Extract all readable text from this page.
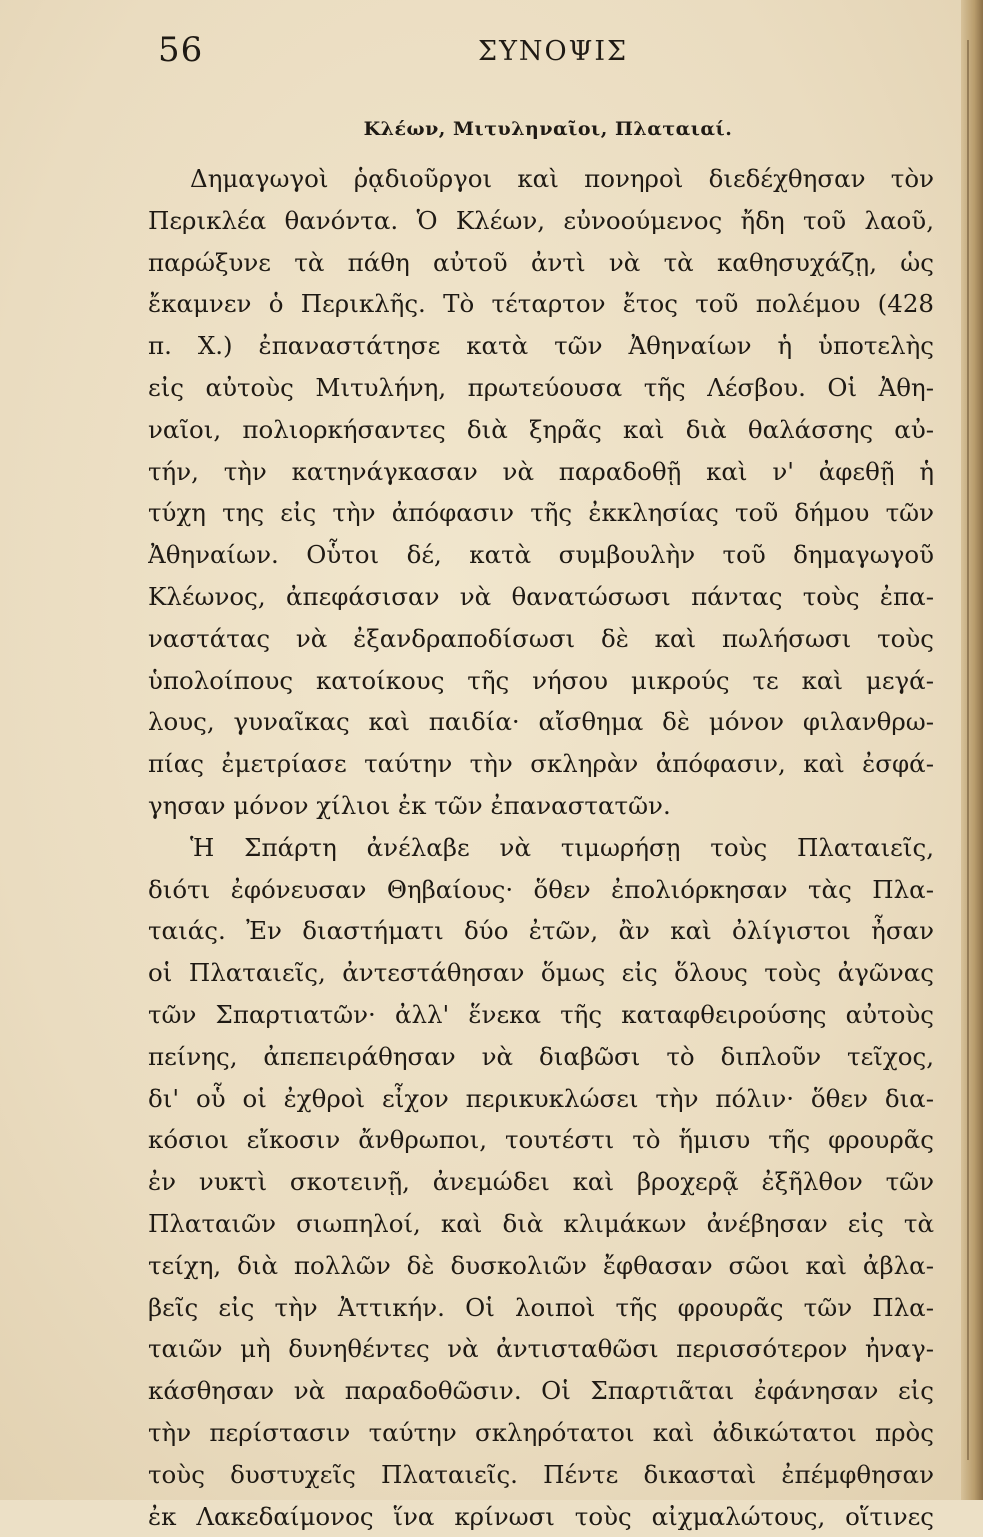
56	ΣΥΝΟΨΙΣ
Κλέων, Μιτυληναῖοι, Πλαταιαί.
Δημαγωγοὶ ῥᾳδιοῦργοι καὶ πονηροὶ διεδέχθησαν τὸν
Περικλέα θανόντα. Ὁ Κλέων, εὐνοούμενος ἤδη τοῦ λαοῦ,
παρώξυνε τὰ πάθη αὐτοῦ ἀντὶ νὰ τὰ καθησυχάζῃ, ὡς
ἔκαμνεν ὁ Περικλῆς. Τὸ τέταρτον ἔτος τοῦ πολέμου (428
π. Χ.) ἐπαναστάτησε κατὰ τῶν Ἀθηναίων ἡ ὑποτελὴς
εἰς αὐτοὺς Μιτυλήνη, πρωτεύουσα τῆς Λέσβου. Οἱ Ἀθη-
ναῖοι, πολιορκήσαντες διὰ ξηρᾶς καὶ διὰ θαλάσσης αὐ-
τήν, τὴν κατηνάγκασαν νὰ παραδοθῇ καὶ ν' ἀφεθῇ ἡ
τύχη της εἰς τὴν ἀπόφασιν τῆς ἐκκλησίας τοῦ δήμου τῶν
Ἀθηναίων. Οὗτοι δέ, κατὰ συμβουλὴν τοῦ δημαγωγοῦ
Κλέωνος, ἀπεφάσισαν νὰ θανατώσωσι πάντας τοὺς ἐπα-
ναστάτας νὰ ἐξανδραποδίσωσι δὲ καὶ πωλήσωσι τοὺς
ὑπολοίπους κατοίκους τῆς νήσου μικρούς τε καὶ μεγά-
λους, γυναῖκας καὶ παιδία· αἴσθημα δὲ μόνον φιλανθρω-
πίας ἐμετρίασε ταύτην τὴν σκληρὰν ἀπόφασιν, καὶ ἐσφά-
γησαν μόνον χίλιοι ἐκ τῶν ἐπαναστατῶν.
Ἡ Σπάρτη ἀνέλαβε νὰ τιμωρήσῃ τοὺς Πλαταιεῖς,
διότι ἐφόνευσαν Θηβαίους· ὅθεν ἐπολιόρκησαν τὰς Πλα-
ταιάς. Ἐν διαστήματι δύο ἐτῶν, ἂν καὶ ὀλίγιστοι ἦσαν
οἱ Πλαταιεῖς, ἀντεστάθησαν ὅμως εἰς ὅλους τοὺς ἀγῶνας
τῶν Σπαρτιατῶν· ἀλλ' ἕνεκα τῆς καταφθειρούσης αὐτοὺς
πείνης, ἀπεπειράθησαν νὰ διαβῶσι τὸ διπλοῦν τεῖχος,
δι' οὗ οἱ ἐχθροὶ εἶχον περικυκλώσει τὴν πόλιν· ὅθεν δια-
κόσιοι εἴκοσιν ἄνθρωποι, τουτέστι τὸ ἥμισυ τῆς φρουρᾶς
ἐν νυκτὶ σκοτεινῇ, ἀνεμώδει καὶ βροχερᾷ ἐξῆλθον τῶν
Πλαταιῶν σιωπηλοί, καὶ διὰ κλιμάκων ἀνέβησαν εἰς τὰ
τείχη, διὰ πολλῶν δὲ δυσκολιῶν ἔφθασαν σῶοι καὶ ἀβλα-
βεῖς εἰς τὴν Ἀττικήν. Οἱ λοιποὶ τῆς φρουρᾶς τῶν Πλα-
ταιῶν μὴ δυνηθέντες νὰ ἀντισταθῶσι περισσότερον ἠναγ-
κάσθησαν νὰ παραδοθῶσιν. Οἱ Σπαρτιᾶται ἐφάνησαν εἰς
τὴν περίστασιν ταύτην σκληρότατοι καὶ ἀδικώτατοι πρὸς
τοὺς δυστυχεῖς Πλαταιεῖς. Πέντε δικασταὶ ἐπέμφθησαν
ἐκ Λακεδαίμονος ἵνα κρίνωσι τοὺς αἰχμαλώτους, οἵτινες
